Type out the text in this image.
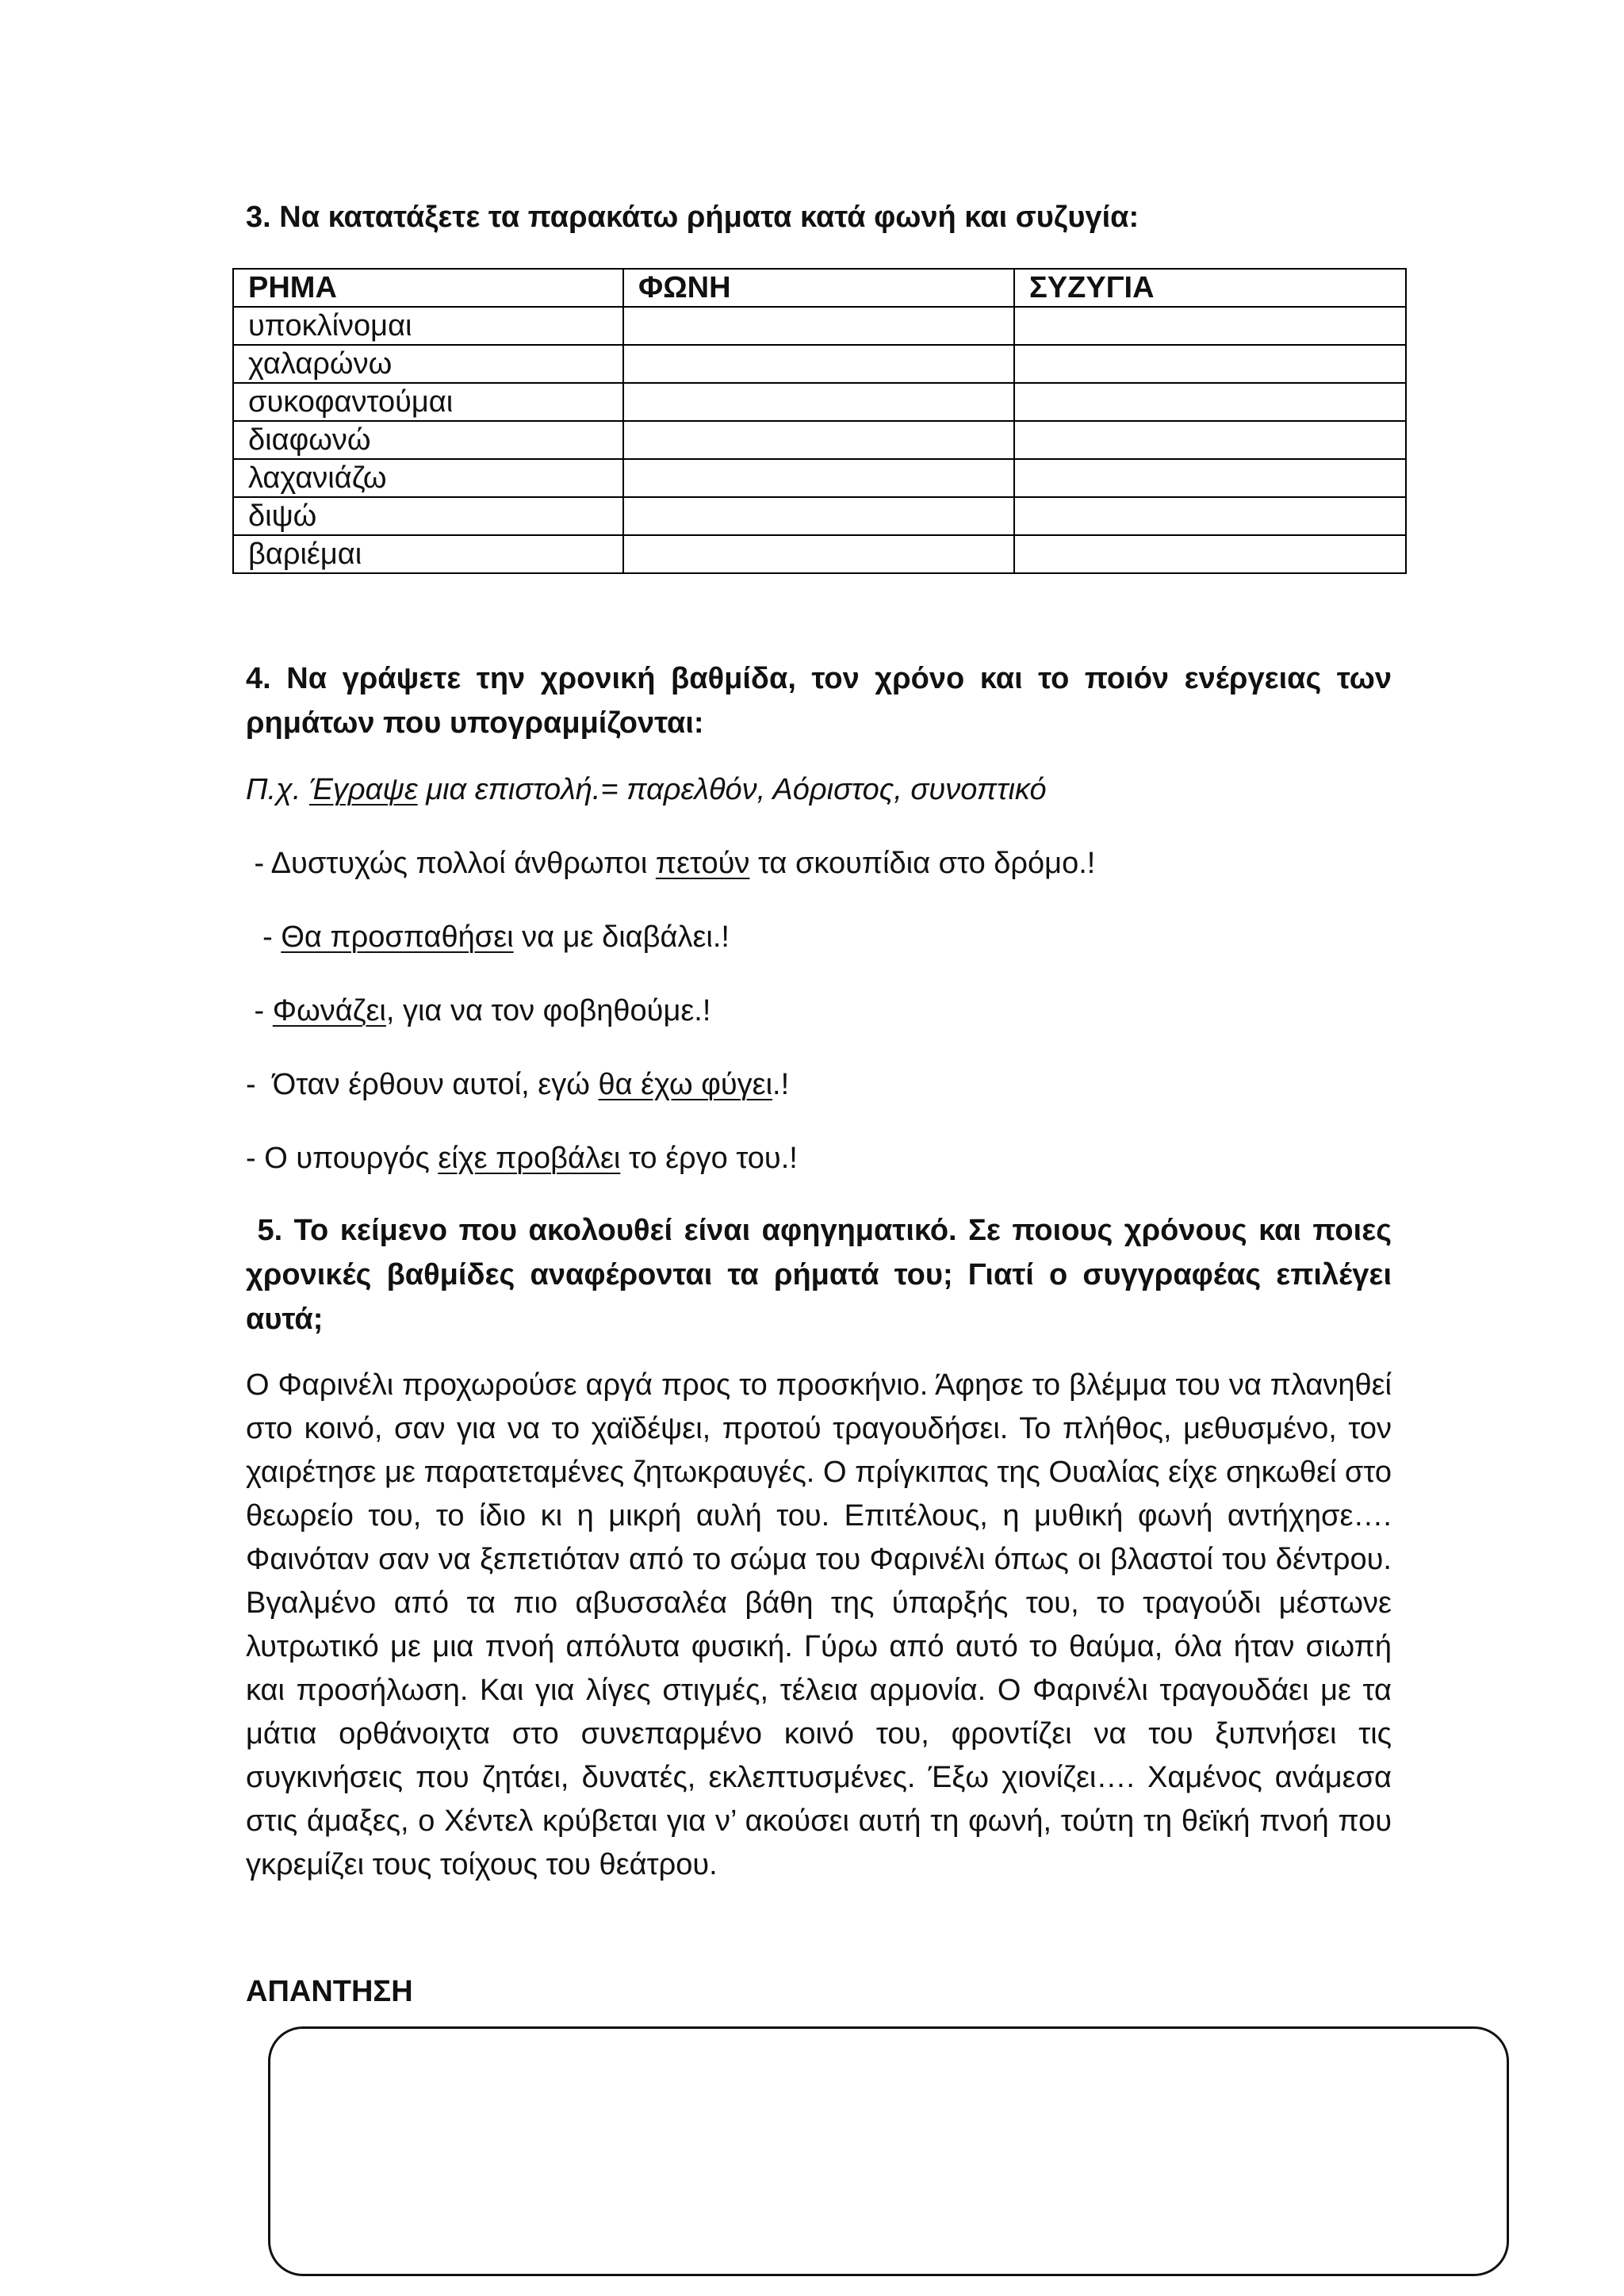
3. Να κατατάξετε τα παρακάτω ρήματα κατά φωνή και συζυγία:
ΡΗΜΑ	ΦΩΝΗ	ΣΥΖΥΓΙΑ
υποκλίνομαι		
χαλαρώνω		
συκοφαντούμαι		
διαφωνώ		
λαχανιάζω		
διψώ		
βαριέμαι		
4. Να γράψετε την χρονική βαθμίδα, τον χρόνο και το ποιόν ενέργειας των ρημάτων που υπογραμμίζονται:
Π.χ. Έγραψε μια επιστολή.= παρελθόν, Αόριστος, συνοπτικό
- Δυστυχώς πολλοί άνθρωποι πετούν τα σκουπίδια στο δρόμο.!
- Θα προσπαθήσει να με διαβάλει.!
- Φωνάζει, για να τον φοβηθούμε.!
-  Όταν έρθουν αυτοί, εγώ θα έχω φύγει.!
- Ο υπουργός είχε προβάλει το έργο του.!
5. Το κείμενο που ακολουθεί είναι αφηγηματικό. Σε ποιους χρόνους και ποιες χρονικές βαθμίδες αναφέρονται τα ρήματά του; Γιατί ο συγγραφέας επιλέγει αυτά;
Ο Φαρινέλι προχωρούσε αργά προς το προσκήνιο. Άφησε το βλέμμα του να πλανηθεί στο κοινό, σαν για να το χαϊδέψει, προτού τραγουδήσει. Το πλήθος, μεθυσμένο, τον χαιρέτησε με παρατεταμένες ζητωκραυγές. Ο πρίγκιπας της Ουαλίας είχε σηκωθεί στο θεωρείο του, το ίδιο κι η μικρή αυλή του. Επιτέλους, η μυθική φωνή αντήχησε…. Φαινόταν σαν να ξεπετιόταν από το σώμα του Φαρινέλι όπως οι βλαστοί του δέντρου. Βγαλμένο από τα πιο αβυσσαλέα βάθη της ύπαρξής του, το τραγούδι μέστωνε λυτρωτικό με μια πνοή απόλυτα φυσική. Γύρω από αυτό το θαύμα, όλα ήταν σιωπή και προσήλωση. Και για λίγες στιγμές, τέλεια αρμονία. Ο Φαρινέλι τραγουδάει με τα μάτια ορθάνοιχτα στο συνεπαρμένο κοινό του, φροντίζει να του ξυπνήσει τις συγκινήσεις που ζητάει, δυνατές, εκλεπτυσμένες. Έξω χιονίζει…. Χαμένος ανάμεσα στις άμαξες, ο Χέντελ κρύβεται για ν’ ακούσει αυτή τη φωνή, τούτη τη θεϊκή πνοή που γκρεμίζει τους τοίχους του θεάτρου.
ΑΠΑΝΤΗΣΗ
